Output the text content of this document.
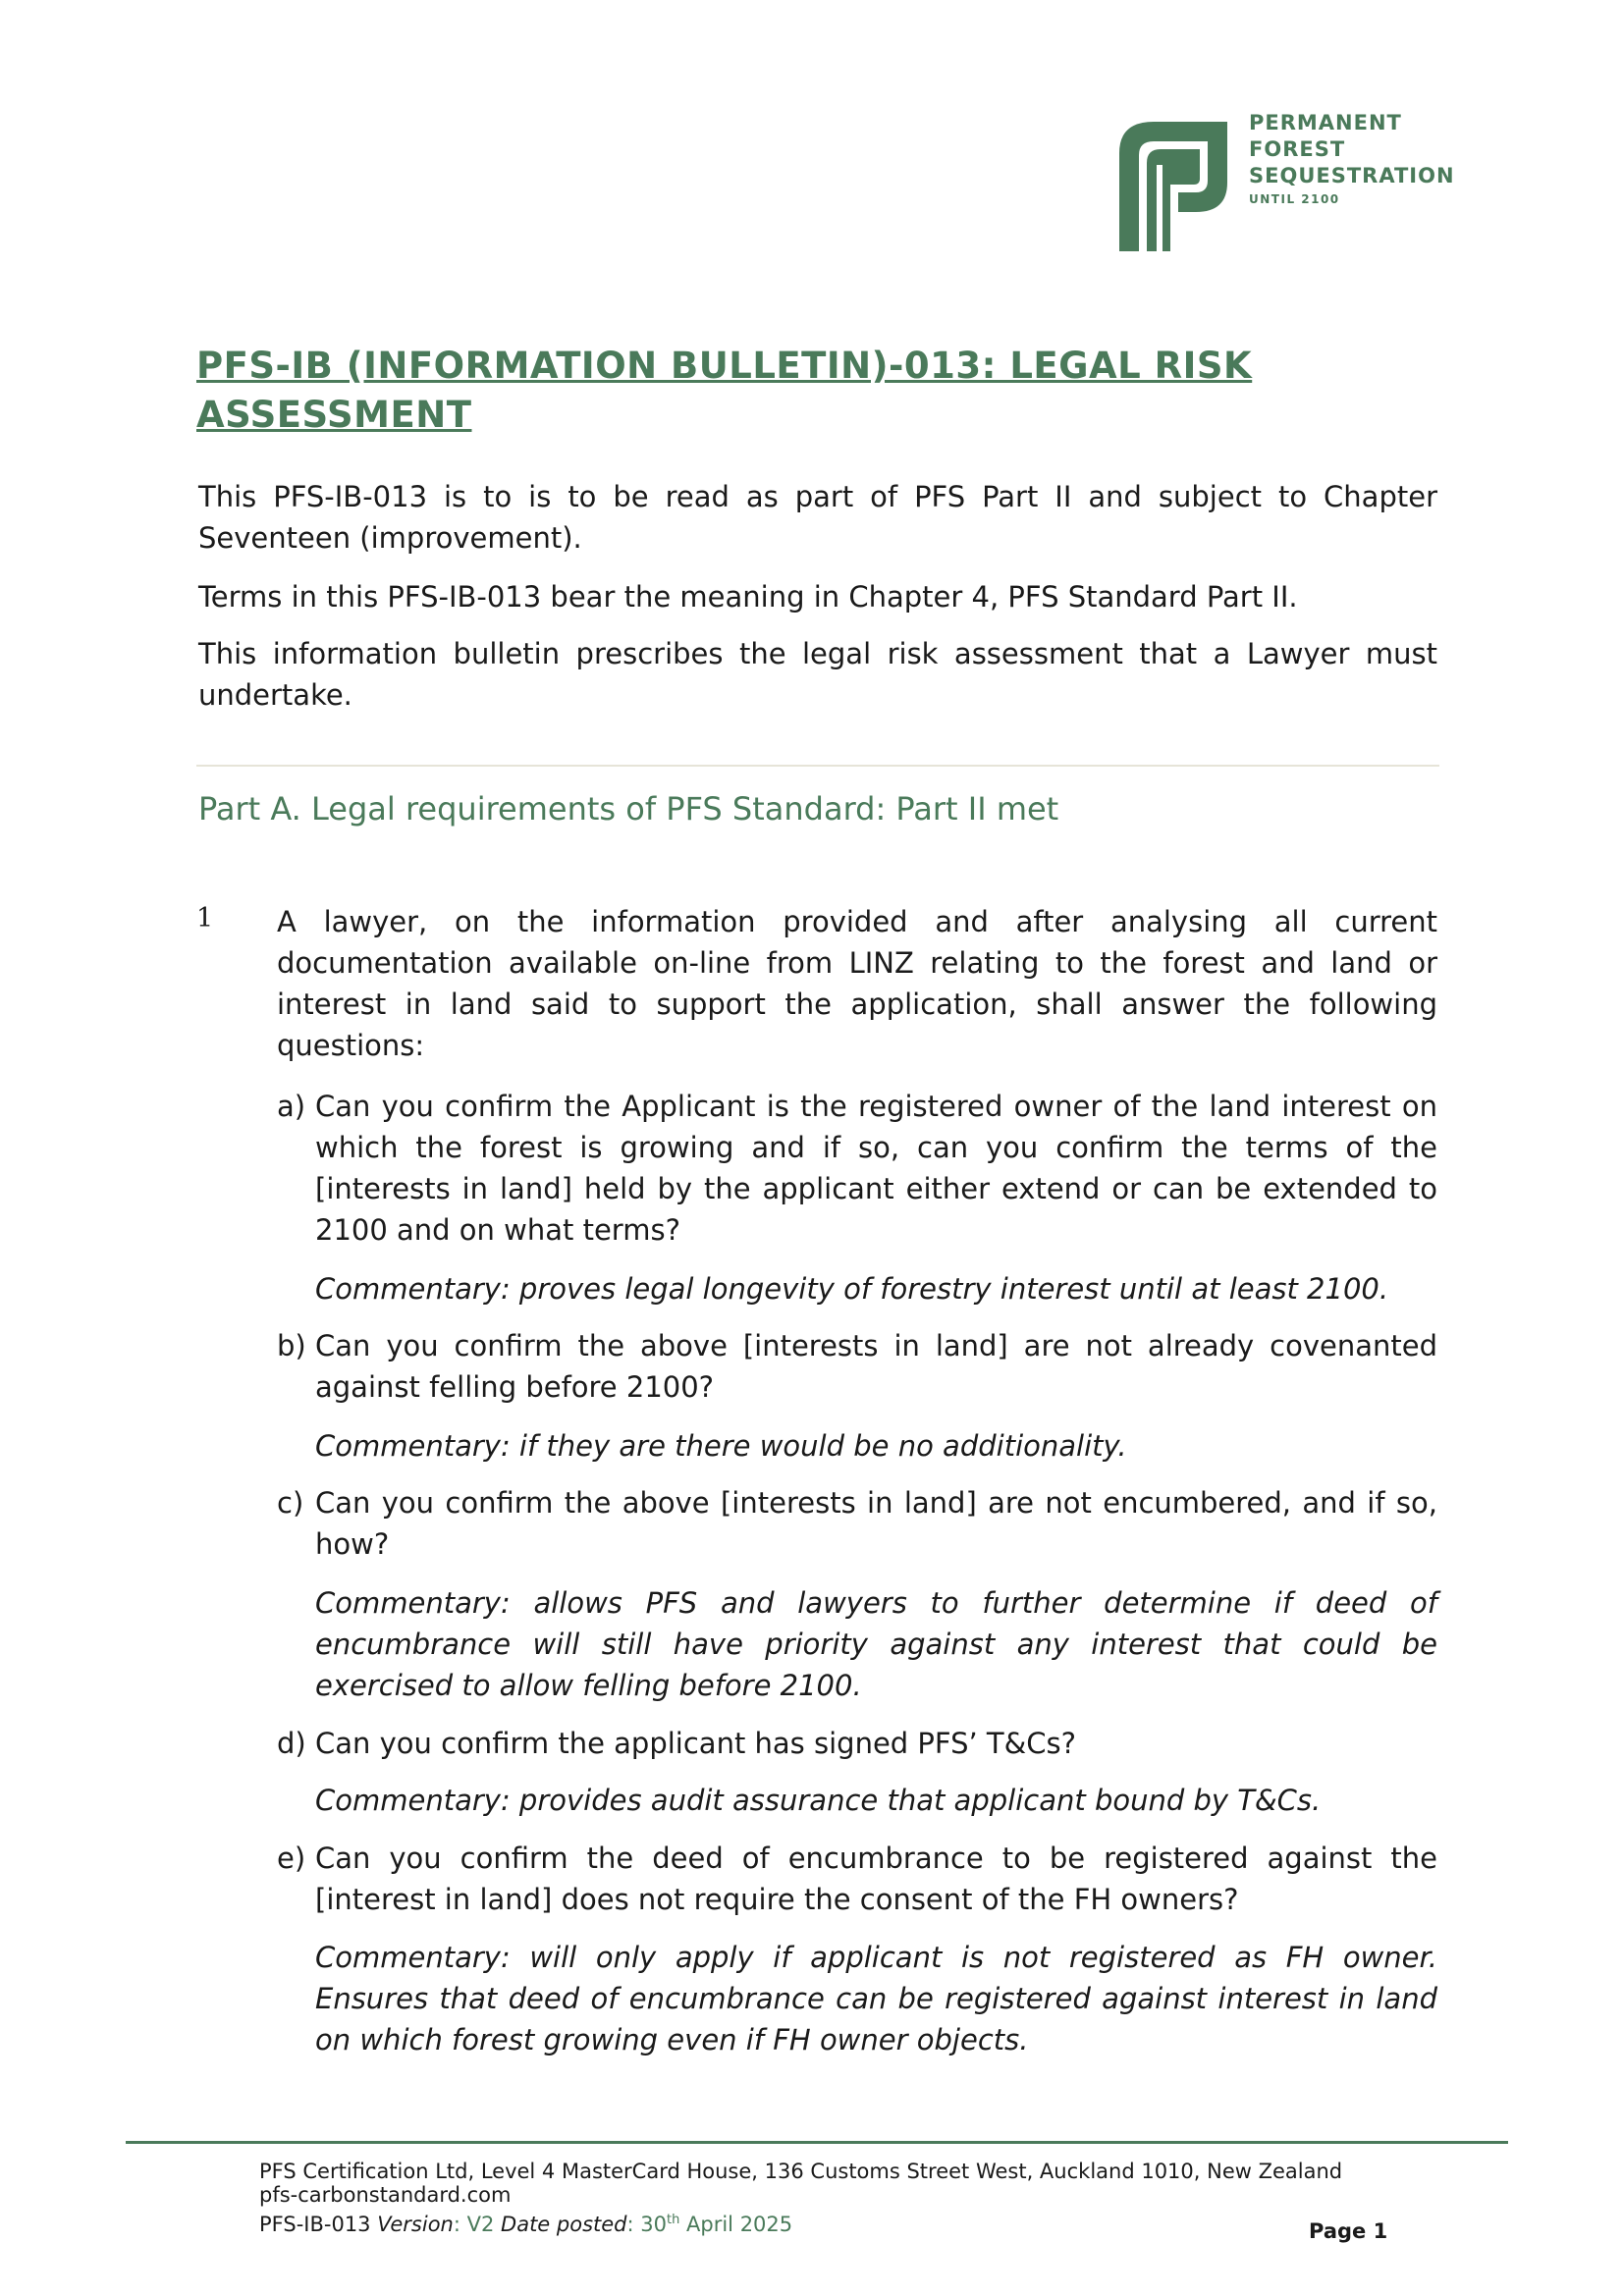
PERMANENT
FOREST
SEQUESTRATION
UNTIL 2100
PFS-IB (INFORMATION BULLETIN)-013: LEGAL RISK ASSESSMENT
This PFS-IB-013 is to is to be read as part of PFS Part II and subject to Chapter Seventeen (improvement).
Terms in this PFS-IB-013 bear the meaning in Chapter 4, PFS Standard Part II.
This information bulletin prescribes the legal risk assessment that a Lawyer must undertake.
Part A. Legal requirements of PFS Standard: Part II met
1 A lawyer, on the information provided and after analysing all current documentation available on-line from LINZ relating to the forest and land or interest in land said to support the application, shall answer the following questions:
a) Can you confirm the Applicant is the registered owner of the land interest on which the forest is growing and if so, can you confirm the terms of the [interests in land] held by the applicant either extend or can be extended to 2100 and on what terms?
Commentary: proves legal longevity of forestry interest until at least 2100.
b) Can you confirm the above [interests in land] are not already covenanted against felling before 2100?
Commentary: if they are there would be no additionality.
c) Can you confirm the above [interests in land] are not encumbered, and if so, how?
Commentary: allows PFS and lawyers to further determine if deed of encumbrance will still have priority against any interest that could be exercised to allow felling before 2100.
d) Can you confirm the applicant has signed PFS’ T&Cs?
Commentary: provides audit assurance that applicant bound by T&Cs.
e) Can you confirm the deed of encumbrance to be registered against the [interest in land] does not require the consent of the FH owners?
Commentary: will only apply if applicant is not registered as FH owner. Ensures that deed of encumbrance can be registered against interest in land on which forest growing even if FH owner objects.
PFS Certification Ltd, Level 4 MasterCard House, 136 Customs Street West, Auckland 1010, New Zealand
pfs-carbonstandard.com
PFS-IB-013 Version: V2 Date posted: 30th April 2025	Page 1
